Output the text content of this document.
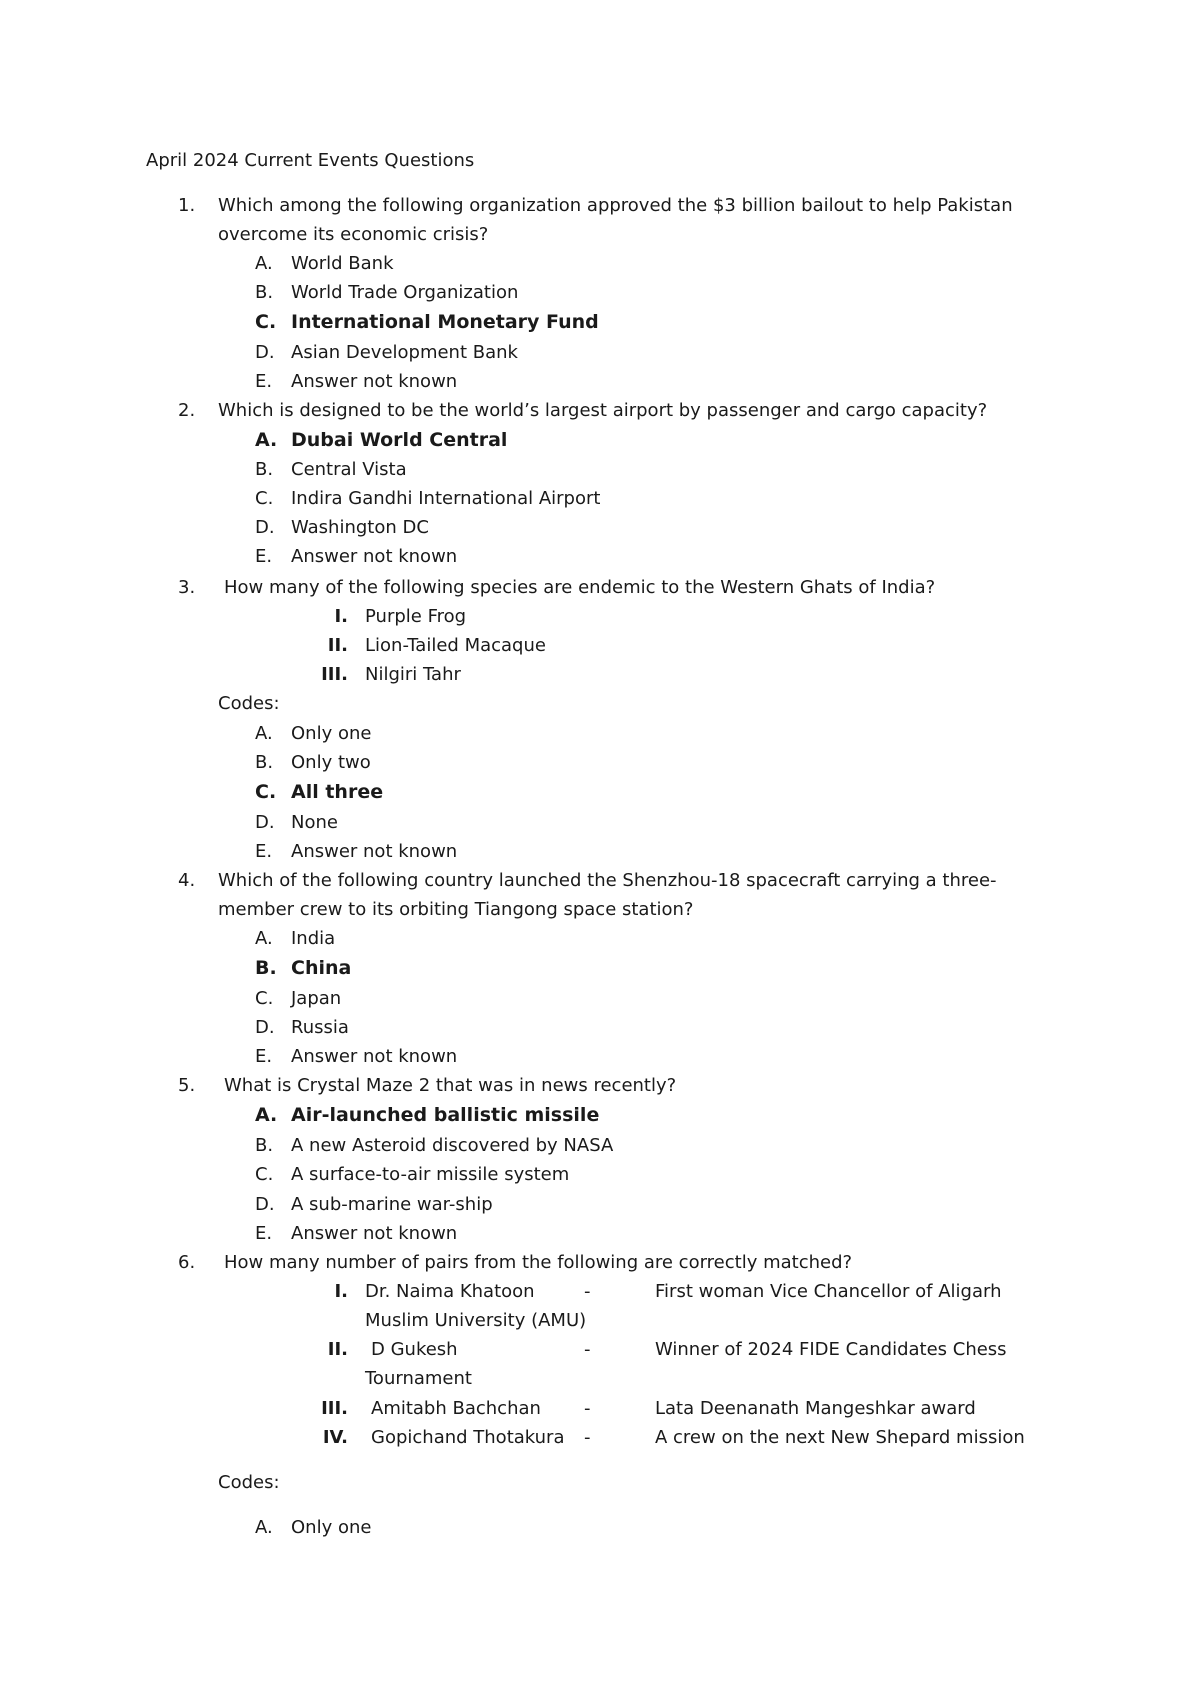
April 2024 Current Events Questions
1. Which among the following organization approved the $3 billion bailout to help Pakistan
overcome its economic crisis?
A. World Bank
B. World Trade Organization
C. International Monetary Fund
D. Asian Development Bank
E. Answer not known
2. Which is designed to be the world’s largest airport by passenger and cargo capacity?
A. Dubai World Central
B. Central Vista
C. Indira Gandhi International Airport
D. Washington DC
E. Answer not known
3. How many of the following species are endemic to the Western Ghats of India?
I. Purple Frog
II. Lion-Tailed Macaque
III. Nilgiri Tahr
Codes:
A. Only one
B. Only two
C. All three
D. None
E. Answer not known
4. Which of the following country launched the Shenzhou-18 spacecraft carrying a three-
member crew to its orbiting Tiangong space station?
A. India
B. China
C. Japan
D. Russia
E. Answer not known
5. What is Crystal Maze 2 that was in news recently?
A. Air-launched ballistic missile
B. A new Asteroid discovered by NASA
C. A surface-to-air missile system
D. A sub-marine war-ship
E. Answer not known
6. How many number of pairs from the following are correctly matched?
I. Dr. Naima Khatoon	-	First woman Vice Chancellor of Aligarh
Muslim University (AMU)
II. D Gukesh	-	Winner of 2024 FIDE Candidates Chess
Tournament
III. Amitabh Bachchan -	Lata Deenanath Mangeshkar award
IV. Gopichand Thotakura -	A crew on the next New Shepard mission
Codes:
A. Only one
